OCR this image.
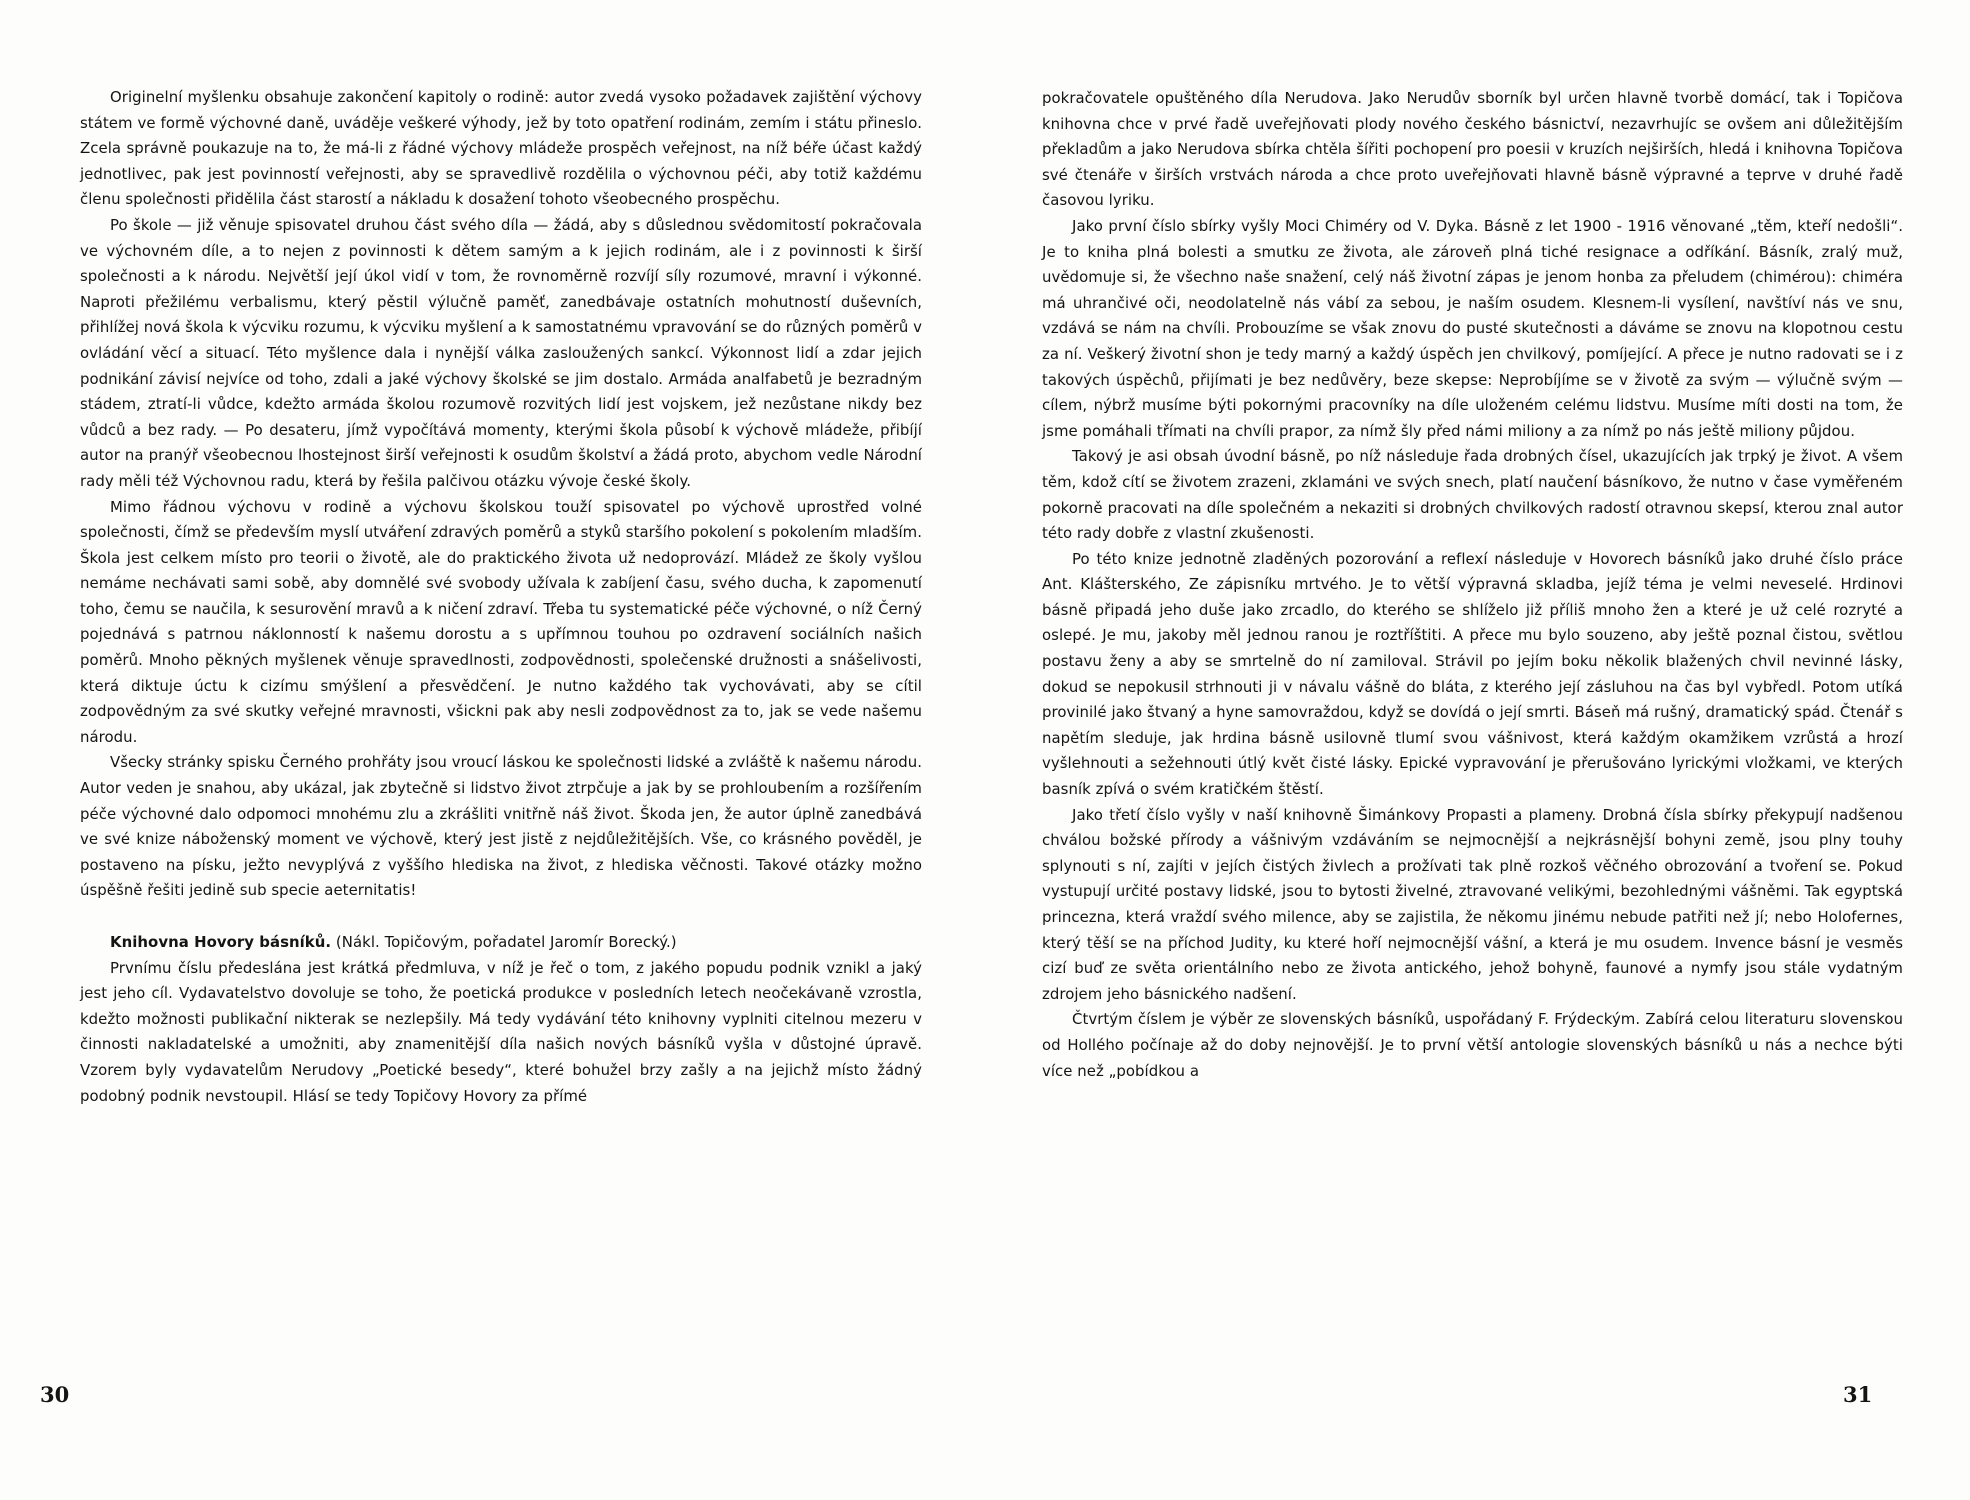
Originelní myšlenku obsahuje zakončení kapitoly o rodině: autor zvedá vysoko požadavek zajištění výchovy státem ve formě výchovné daně, uváděje veškeré výhody, jež by toto opatření rodinám, zemím i státu přineslo. Zcela správně poukazuje na to, že má-li z řádné výchovy mládeže prospěch veřejnost, na níž béře účast každý jednotlivec, pak jest povinností veřejnosti, aby se spravedlivě rozdělila o výchovnou péči, aby totiž každému členu společnosti přidělila část starostí a nákladu k dosažení tohoto všeobecného prospěchu.

Po škole — již věnuje spisovatel druhou část svého díla — žádá, aby s důslednou svědomitostí pokračovala ve výchovném díle, a to nejen z povinnosti k dětem samým a k jejich rodinám, ale i z povinnosti k širší společnosti a k národu. Největší její úkol vidí v tom, že rovnoměrně rozvíjí síly rozumové, mravní i výkonné. Naproti přežilému verbalismu, který pěstil výlučně paměť, zanedbávaje ostatních mohutností duševních, přihlížej nová škola k výcviku rozumu, k výcviku myšlení a k samostatnému vpravování se do různých poměrů v ovládání věcí a situací. Této myšlence dala i nynější válka zasloužených sankcí. Výkonnost lidí a zdar jejich podnikání závisí nejvíce od toho, zdali a jaké výchovy školské se jim dostalo. Armáda analfabetů je bezradným stádem, ztratí-li vůdce, kdežto armáda školou rozumově rozvitých lidí jest vojskem, jež nezůstane nikdy bez vůdců a bez rady. — Po desateru, jímž vypočítává momenty, kterými škola působí k výchově mládeže, přibíjí autor na pranýř všeobecnou lhostejnost širší veřejnosti k osudům školství a žádá proto, abychom vedle Národní rady měli též Výchovnou radu, která by řešila palčivou otázku vývoje české školy.

Mimo řádnou výchovu v rodině a výchovu školskou touží spisovatel po výchově uprostřed volné společnosti, čímž se především myslí utváření zdravých poměrů a styků staršího pokolení s pokolením mladším. Škola jest celkem místo pro teorii o životě, ale do praktického života už nedoprovází. Mládež ze školy vyšlou nemáme nechávati sami sobě, aby domnělé své svobody užívala k zabíjení času, svého ducha, k zapomenutí toho, čemu se naučila, k sesurovění mravů a k ničení zdraví. Třeba tu systematické péče výchovné, o níž Černý pojednává s patrnou náklonností k našemu dorostu a s upřímnou touhou po ozdravení sociálních našich poměrů. Mnoho pěkných myšlenek věnuje spravedlnosti, zodpovědnosti, společenské družnosti a snášelivosti, která diktuje úctu k cizímu smýšlení a přesvědčení. Je nutno každého tak vychovávati, aby se cítil zodpovědným za své skutky veřejné mravnosti, všickni pak aby nesli zodpovědnost za to, jak se vede našemu národu.

Všecky stránky spisku Černého prohřáty jsou vroucí láskou ke společnosti lidské a zvláště k našemu národu. Autor veden je snahou, aby ukázal, jak zbytečně si lidstvo život ztrpčuje a jak by se prohloubením a rozšířením péče výchovné dalo odpomoci mnohému zlu a zkrášliti vnitřně náš život. Škoda jen, že autor úplně zanedbává ve své knize náboženský moment ve výchově, který jest jistě z nejdůležitějších. Vše, co krásného pověděl, je postaveno na písku, ježto nevyplývá z vyššího hlediska na život, z hlediska věčnosti. Takové otázky možno úspěšně řešiti jedině sub specie aeternitatis!

Knihovna Hovory básníků. (Nákl. Topičovým, pořadatel Jaromír Borecký.)

Prvnímu číslu předeslána jest krátká předmluva, v níž je řeč o tom, z jakého popudu podnik vznikl a jaký jest jeho cíl. Vydavatelstvo dovoluje se toho, že poetická produkce v posledních letech neočekávaně vzrostla, kdežto možnosti publikační nikterak se nezlepšily. Má tedy vydávání této knihovny vyplniti citelnou mezeru v činnosti nakladatelské a umožniti, aby znamenitější díla našich nových básníků vyšla v důstojné úpravě. Vzorem byly vydavatelům Nerudovy „Poetické besedy“, které bohužel brzy zašly a na jejichž místo žádný podobný podnik nevstoupil. Hlásí se tedy Topičovy Hovory za přímé

30

pokračovatele opuštěného díla Nerudova. Jako Nerudův sborník byl určen hlavně tvorbě domácí, tak i Topičova knihovna chce v prvé řadě uveřejňovati plody nového českého básnictví, nezavrhujíc se ovšem ani důležitějším překladům a jako Nerudova sbírka chtěla šířiti pochopení pro poesii v kruzích nejširších, hledá i knihovna Topičova své čtenáře v širších vrstvách národa a chce proto uveřejňovati hlavně básně výpravné a teprve v druhé řadě časovou lyriku.

Jako první číslo sbírky vyšly Moci Chiméry od V. Dyka. Básně z let 1900 - 1916 věnované „těm, kteří nedošli“. Je to kniha plná bolesti a smutku ze života, ale zároveň plná tiché resignace a odříkání. Básník, zralý muž, uvědomuje si, že všechno naše snažení, celý náš životní zápas je jenom honba za přeludem (chimérou): chiméra má uhrančivé oči, neodolatelně nás vábí za sebou, je naším osudem. Klesnem-li vysílení, navštíví nás ve snu, vzdává se nám na chvíli. Probouzíme se však znovu do pusté skutečnosti a dáváme se znovu na klopotnou cestu za ní. Veškerý životní shon je tedy marný a každý úspěch jen chvilkový, pomíjející. A přece je nutno radovati se i z takových úspěchů, přijímati je bez nedůvěry, beze skepse: Neprobíjíme se v životě za svým — výlučně svým — cílem, nýbrž musíme býti pokornými pracovníky na díle uloženém celému lidstvu. Musíme míti dosti na tom, že jsme pomáhali třímati na chvíli prapor, za nímž šly před námi miliony a za nímž po nás ještě miliony půjdou.

Takový je asi obsah úvodní básně, po níž následuje řada drobných čísel, ukazujících jak trpký je život. A všem těm, kdož cítí se životem zrazeni, zklamáni ve svých snech, platí naučení básníkovo, že nutno v čase vyměřeném pokorně pracovati na díle společném a nekaziti si drobných chvilkových radostí otravnou skepsí, kterou znal autor této rady dobře z vlastní zkušenosti.

Po této knize jednotně zladěných pozorování a reflexí následuje v Hovorech básníků jako druhé číslo práce Ant. Klášterského, Ze zápisníku mrtvého. Je to větší výpravná skladba, jejíž téma je velmi neveselé. Hrdinovi básně připadá jeho duše jako zrcadlo, do kterého se shlíželo již příliš mnoho žen a které je už celé rozryté a oslepé. Je mu, jakoby měl jednou ranou je roztříštiti. A přece mu bylo souzeno, aby ještě poznal čistou, světlou postavu ženy a aby se smrtelně do ní zamiloval. Strávil po jejím boku několik blažených chvil nevinné lásky, dokud se nepokusil strhnouti ji v návalu vášně do bláta, z kterého její zásluhou na čas byl vybředl. Potom utíká provinilé jako štvaný a hyne samovraždou, když se dovídá o její smrti. Báseň má rušný, dramatický spád. Čtenář s napětím sleduje, jak hrdina básně usilovně tlumí svou vášnivost, která každým okamžikem vzrůstá a hrozí vyšlehnouti a sežehnouti útlý květ čisté lásky. Epické vypravování je přerušováno lyrickými vložkami, ve kterých basník zpívá o svém kratičkém štěstí.

Jako třetí číslo vyšly v naší knihovně Šimánkovy Propasti a plameny. Drobná čísla sbírky překypují nadšenou chválou božské přírody a vášnivým vzdáváním se nejmocnější a nejkrásnější bohyni země, jsou plny touhy splynouti s ní, zajíti v jejích čistých živlech a prožívati tak plně rozkoš věčného obrozování a tvoření se. Pokud vystupují určité postavy lidské, jsou to bytosti živelné, ztravované velikými, bezohlednými vášněmi. Tak egyptská princezna, která vraždí svého milence, aby se zajistila, že někomu jinému nebude patřiti než jí; nebo Holofernes, který těší se na příchod Judity, ku které hoří nejmocnější vášní, a která je mu osudem. Invence básní je vesměs cizí buď ze světa orientálního nebo ze života antického, jehož bohyně, faunové a nymfy jsou stále vydatným zdrojem jeho básnického nadšení.

Čtvrtým číslem je výběr ze slovenských básníků, uspořádaný F. Frýdeckým. Zabírá celou literaturu slovenskou od Hollého počínaje až do doby nejnovější. Je to první větší antologie slovenských básníků u nás a nechce býti více než „pobídkou a

31
